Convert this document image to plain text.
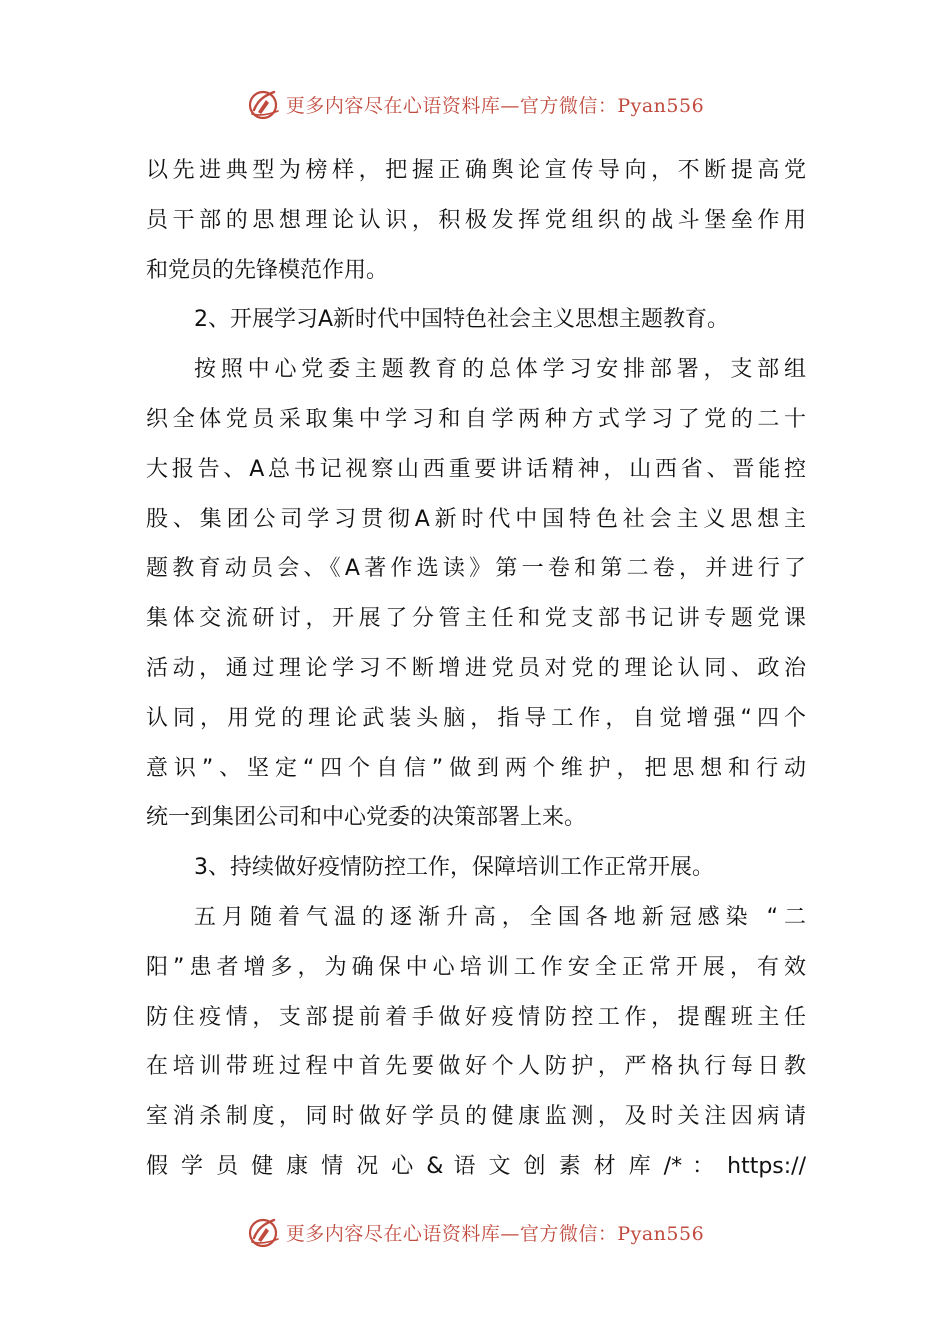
更多内容尽在心语资料库—官方微信：Pyan556
以先进典型为榜样，把握正确舆论宣传导向，不断提高党
员干部的思想理论认识，积极发挥党组织的战斗堡垒作用
和党员的先锋模范作用。
2、开展学习A新时代中国特色社会主义思想主题教育。
按照中心党委主题教育的总体学习安排部署，支部组
织全体党员采取集中学习和自学两种方式学习了党的二十
大报告、A总书记视察山西重要讲话精神，山西省、晋能控
股、集团公司学习贯彻A新时代中国特色社会主义思想主
题教育动员会、《A著作选读》第一卷和第二卷，并进行了
集体交流研讨，开展了分管主任和党支部书记讲专题党课
活动，通过理论学习不断增进党员对党的理论认同、政治
认同，用党的理论武装头脑，指导工作，自觉增强“四个
意识”、坚定“四个自信”做到两个维护，把思想和行动
统一到集团公司和中心党委的决策部署上来。
3、持续做好疫情防控工作，保障培训工作正常开展。
五月随着气温的逐渐升高，全国各地新冠感染 “二
阳”患者增多，为确保中心培训工作安全正常开展，有效
防住疫情，支部提前着手做好疫情防控工作，提醒班主任
在培训带班过程中首先要做好个人防护，严格执行每日教
室消杀制度，同时做好学员的健康监测，及时关注因病请
假 学 员 健 康 情 况 心 & 语 文 创 素 材 库 /* ： https://
更多内容尽在心语资料库—官方微信：Pyan556
